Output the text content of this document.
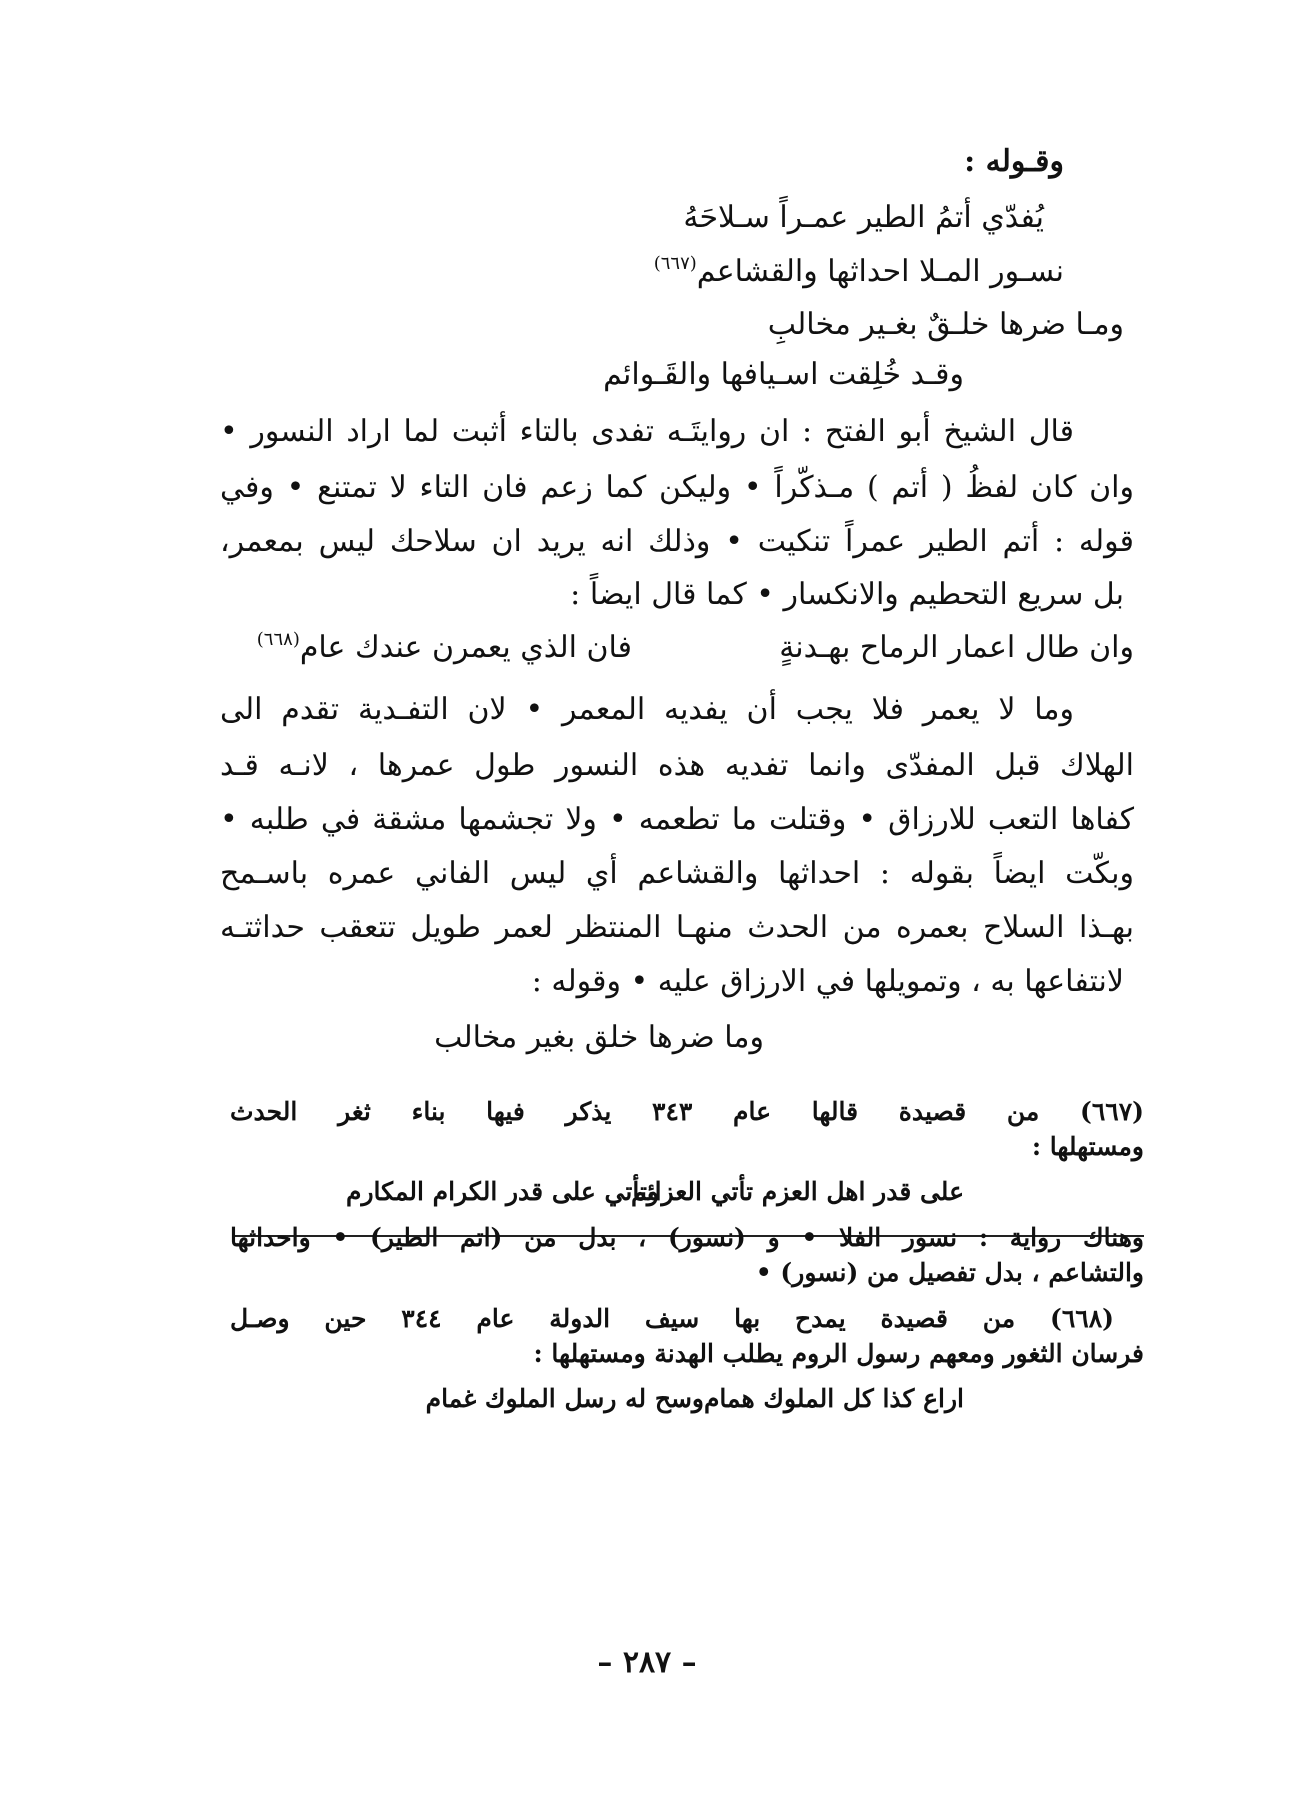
وقـوله :
يُفدّي أتمُ الطير عمـراً سـلاحَهُ
نسـور المـلا احداثها والقشاعم$^{(٦٦٧)}$
ومـا ضرها خلـقٌ بغـير مخالبِ
وقـد خُلِقت اسـيافها والقَـوائم
قال الشيخ أبو الفتح : ان روايتَـه تفدى بالتاء أثبت لما اراد النسور •
وان كان لفظُ ( أتم ) مـذكّراً • وليكن كما زعم فان التاء لا تمتنع • وفي
قوله : أتم الطير عمراً تنكيت • وذلك انه يريد ان سلاحك ليس بمعمر،
بل سريع التحطيم والانكسار • كما قال ايضاً :
وان طال اعمار الرماح بهـدنةٍ
فان الذي يعمرن عندك عام$^{(٦٦٨)}$
وما لا يعمر فلا يجب أن يفديه المعمر • لان التفـدية تقدم الى
الهلاك قبل المفدّى وانما تفديه هذه النسور طول عمرها ، لانـه قـد
كفاها التعب للارزاق • وقتلت ما تطعمه • ولا تجشمها مشقة في طلبه •
وبكّت ايضاً بقوله : احداثها والقشاعم أي ليس الفاني عمره باسـمح
بهـذا السلاح بعمره من الحدث منهـا المنتظر لعمر طويل تتعقب حداثتـه
لانتفاعها به ، وتمويلها في الارزاق عليه • وقوله :
وما ضرها خلق بغير مخالب
(٦٦٧) من قصيدة قالها عام ٣٤٣ يذكر فيها بناء ثغر الحدث
ومستهلها :
على قدر اهل العزم تأتي العزائم
وتأتي على قدر الكرام المكارم
وهناك رواية : نسور الفلا • و (نسور) ، بدل من (اتم الطير) • واحداثها
والتشاعم ، بدل تفصيل من (نسور) •
(٦٦٨) من قصيدة يمدح بها سيف الدولة عام ٣٤٤ حين وصـل
فرسان الثغور ومعهم رسول الروم يطلب الهدنة ومستهلها :
اراع كذا كل الملوك همام
وسح له رسل الملوك غمام
– ٢٨٧ –
